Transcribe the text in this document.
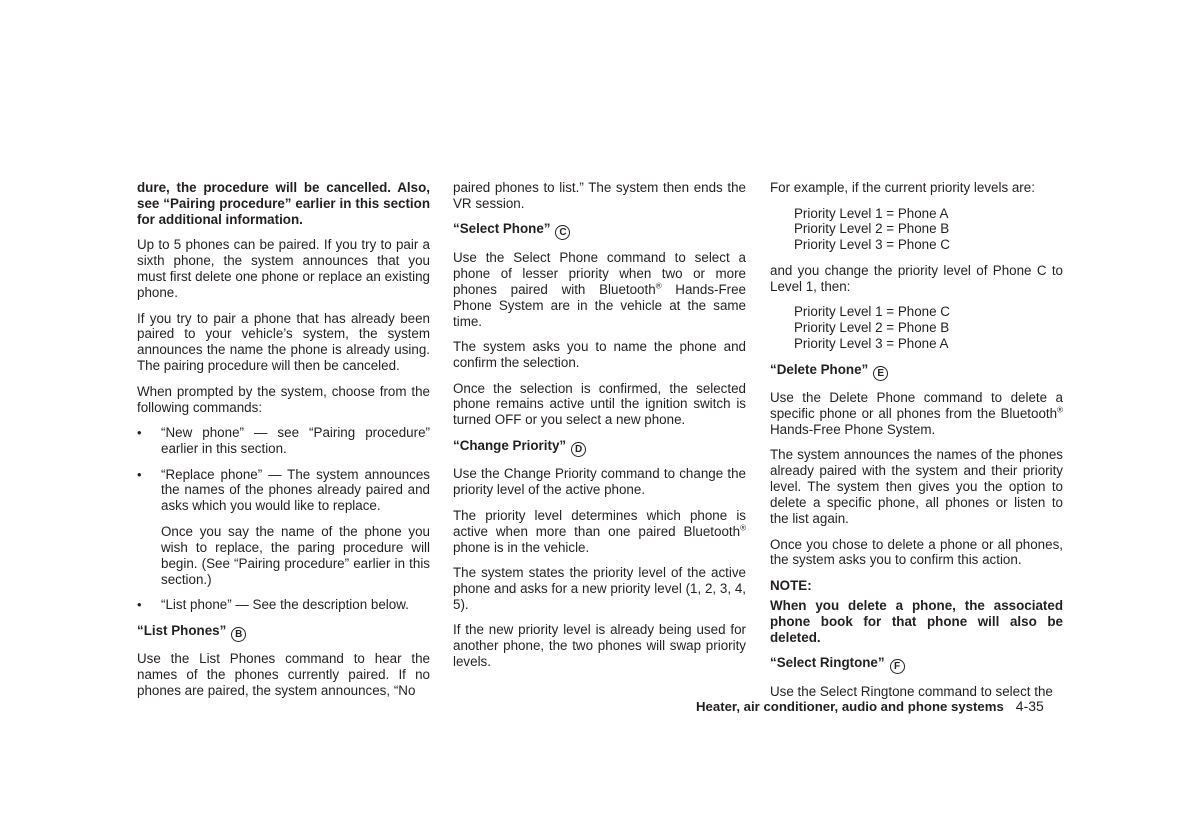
dure, the procedure will be cancelled. Also, see “Pairing procedure” earlier in this section for additional information.

Up to 5 phones can be paired. If you try to pair a sixth phone, the system announces that you must first delete one phone or replace an existing phone.

If you try to pair a phone that has already been paired to your vehicle’s system, the system announces the name the phone is already using. The pairing procedure will then be canceled.

When prompted by the system, choose from the following commands:

• “New phone” — see “Pairing procedure” earlier in this section.
• “Replace phone” — The system announces the names of the phones already paired and asks which you would like to replace.

Once you say the name of the phone you wish to replace, the paring procedure will begin. (See “Pairing procedure” earlier in this section.)

• “List phone” — See the description below.
“List Phones” B

Use the List Phones command to hear the names of the phones currently paired. If no phones are paired, the system announces, “No

paired phones to list.” The system then ends the VR session.

“Select Phone” C

Use the Select Phone command to select a phone of lesser priority when two or more phones paired with Bluetooth® Hands-Free Phone System are in the vehicle at the same time.

The system asks you to name the phone and confirm the selection.

Once the selection is confirmed, the selected phone remains active until the ignition switch is turned OFF or you select a new phone.

“Change Priority” D

Use the Change Priority command to change the priority level of the active phone.

The priority level determines which phone is active when more than one paired Bluetooth® phone is in the vehicle.

The system states the priority level of the active phone and asks for a new priority level (1, 2, 3, 4, 5).

If the new priority level is already being used for another phone, the two phones will swap priority levels.

For example, if the current priority levels are:

Priority Level 1 = Phone A
Priority Level 2 = Phone B
Priority Level 3 = Phone C

and you change the priority level of Phone C to Level 1, then:

Priority Level 1 = Phone C
Priority Level 2 = Phone B
Priority Level 3 = Phone A
“Delete Phone” E

Use the Delete Phone command to delete a specific phone or all phones from the Bluetooth® Hands-Free Phone System.

The system announces the names of the phones already paired with the system and their priority level. The system then gives you the option to delete a specific phone, all phones or listen to the list again.

Once you chose to delete a phone or all phones, the system asks you to confirm this action.

NOTE:

When you delete a phone, the associated phone book for that phone will also be deleted.

“Select Ringtone” F

Use the Select Ringtone command to select the

Heater, air conditioner, audio and phone systems 4-35
